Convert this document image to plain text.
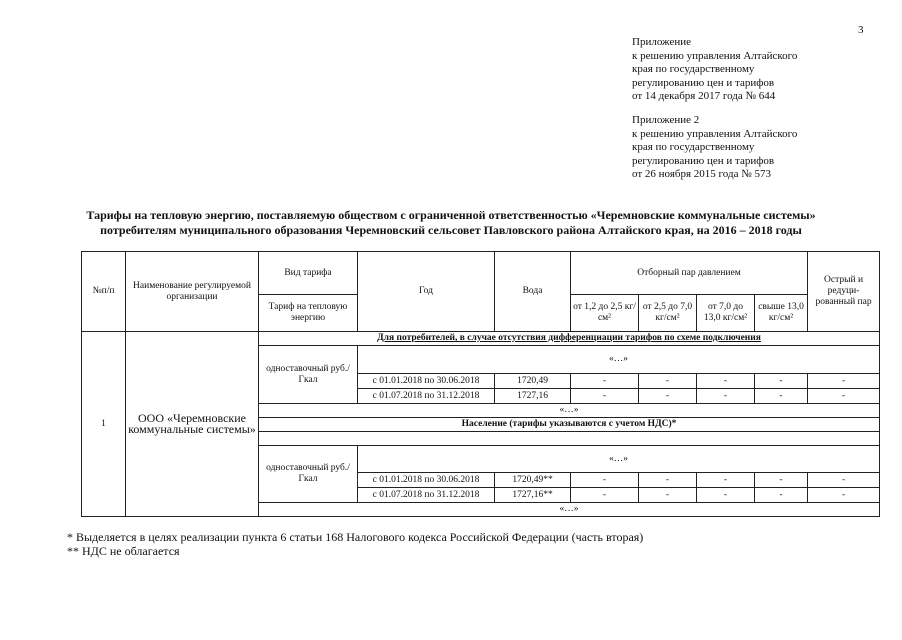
3
Приложение
к решению управления Алтайского
края по государственному
регулированию цен и тарифов
от 14 декабря 2017 года № 644
Приложение 2
к решению управления Алтайского
края по государственному
регулированию цен и тарифов
от 26 ноября 2015 года № 573
Тарифы на тепловую энергию, поставляемую обществом с ограниченной ответственностью «Черемновские коммунальные системы»
потребителям муниципального образования Черемновский сельсовет Павловского района Алтайского края, на 2016 – 2018 годы
№п/п	Наименование регулируемой организации	Вид тарифа	Год	Вода	Отборный пар давлением				Острый и редуци-рованный пар
		Тариф на тепловую энергию			от 1,2 до 2,5 кг/см²	от 2,5 до 7,0 кг/см²	от 7,0 до 13,0 кг/см²	свыше 13,0 кг/см²	
1	ООО «Черемновские коммунальные системы»	Для потребителей, в случае отсутствия дифференциации тарифов по схеме подключения							
		одноставочный руб./Гкал	«…»						
			с 01.01.2018 по 30.06.2018	1720,49	-	-	-	-	-
			с 01.07.2018 по 31.12.2018	1727,16	-	-	-	-	-
		«…»							
		Население (тарифы указываются с учетом НДС)*							

		одноставочный руб./Гкал	«…»						
			с 01.01.2018 по 30.06.2018	1720,49**	-	-	-	-	-
			с 01.07.2018 по 31.12.2018	1727,16**	-	-	-	-	-
		«…»							
* Выделяется в целях реализации пункта 6 статьи 168 Налогового кодекса Российской Федерации (часть вторая)
** НДС не облагается
